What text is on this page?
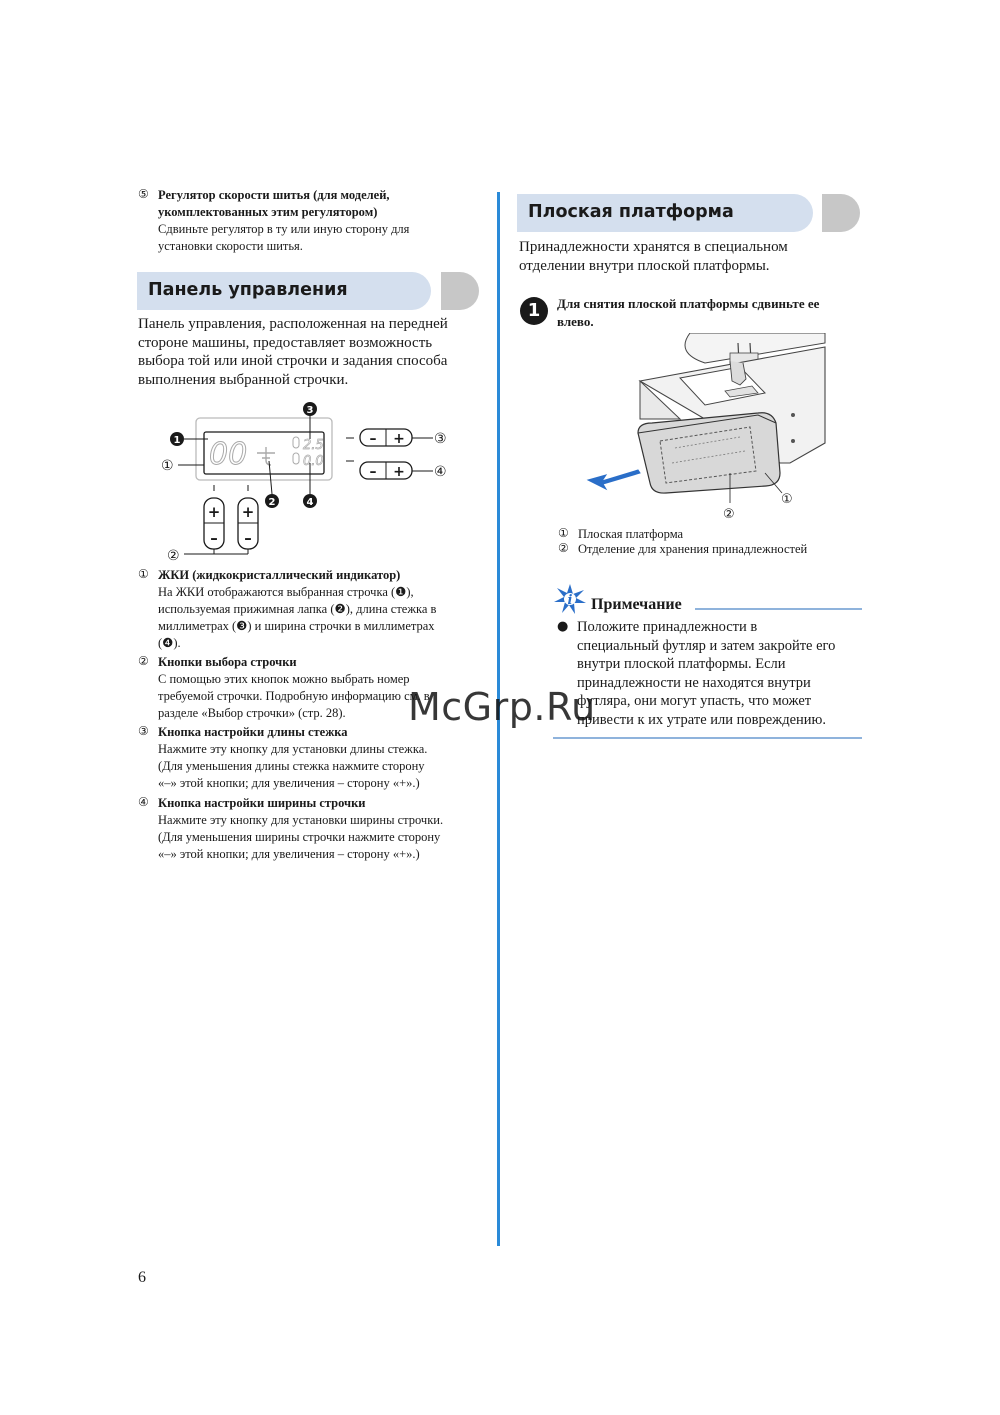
⑤ Регулятор скорости шитья (для моделей,
укомплектованных этим регулятором)
Сдвиньте регулятор в ту или иную сторону для
установки скорости шитья.
Панель управления
Панель управления, расположенная на передней
стороне машины, предоставляет возможность
выбора той или иной строчки и задания способа
выполнения выбранной строчки.
00	2.5
0.0
1
①
3
2	4
– + ③
– + ④
+
–
+
–
②
① ЖКИ (жидкокристаллический индикатор)
На ЖКИ отображаются выбранная строчка (❶),
используемая прижимная лапка (❷), длина стежка в
миллиметрах (❸) и ширина строчки в миллиметрах
(❹).
② Кнопки выбора строчки
С помощью этих кнопок можно выбрать номер
требуемой строчки. Подробную информацию см. в
разделе «Выбор строчки» (стр. 28).
③ Кнопка настройки длины стежка
Нажмите эту кнопку для установки длины стежка.
(Для уменьшения длины стежка нажмите сторону
«–» этой кнопки; для увеличения – сторону «+».)
④ Кнопка настройки ширины строчки
Нажмите эту кнопку для установки ширины строчки.
(Для уменьшения ширины строчки нажмите сторону
«–» этой кнопки; для увеличения – сторону «+».)
Плоская платформа
Принадлежности хранятся в специальном
отделении внутри плоской платформы.
1	Для снятия плоской платформы сдвиньте ее
влево.
②
①
① Плоская платформа
② Отделение для хранения принадлежностей
i Примечание
● Положите принадлежности в
специальный футляр и затем закройте его
внутри плоской платформы. Если
принадлежности не находятся внутри
футляра, они могут упасть, что может
привести к их утрате или повреждению.
McGrp.Ru
6
